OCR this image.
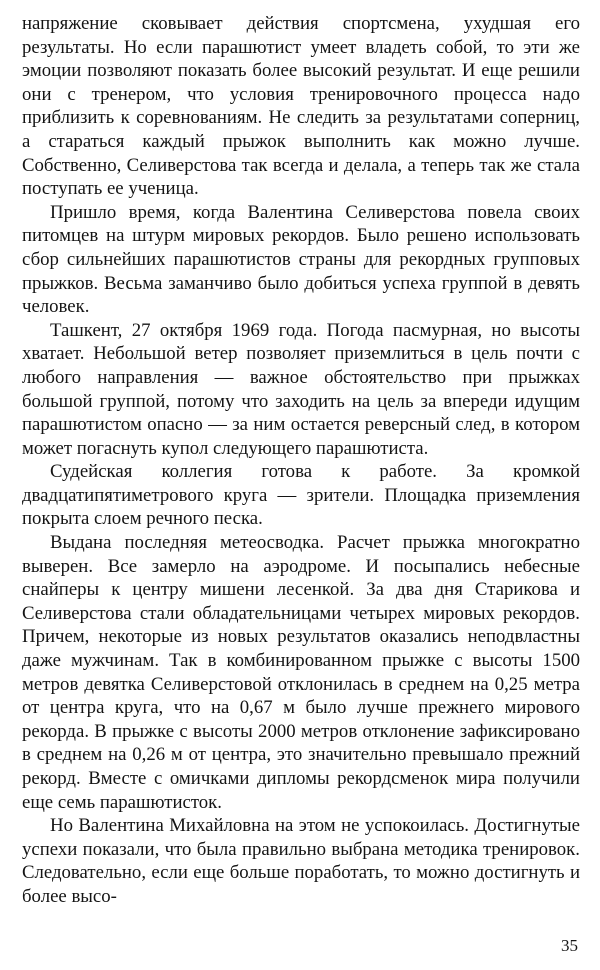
напряжение сковывает действия спортсмена, ухудшая его результаты. Но если парашютист умеет владеть собой, то эти же эмоции позволяют показать более высокий результат. И еще решили они с тренером, что условия тренировочного процесса надо приблизить к соревнованиям. Не следить за результатами соперниц, а стараться каждый прыжок выполнить как можно лучше. Собственно, Селиверстова так всегда и делала, а теперь так же стала поступать ее ученица.

Пришло время, когда Валентина Селиверстова повела своих питомцев на штурм мировых рекордов. Было решено использовать сбор сильнейших парашютистов страны для рекордных групповых прыжков. Весьма заманчиво было добиться успеха группой в девять человек.

Ташкент, 27 октября 1969 года. Погода пасмурная, но высоты хватает. Небольшой ветер позволяет приземлиться в цель почти с любого направления — важное обстоятельство при прыжках большой группой, потому что заходить на цель за впереди идущим парашютистом опасно — за ним остается реверсный след, в котором может погаснуть купол следующего парашютиста.

Судейская коллегия готова к работе. За кромкой двадцатипятиметрового круга — зрители. Площадка приземления покрыта слоем речного песка.

Выдана последняя метеосводка. Расчет прыжка многократно выверен. Все замерло на аэродроме. И посыпались небесные снайперы к центру мишени лесенкой. За два дня Старикова и Селиверстова стали обладательницами четырех мировых рекордов. Причем, некоторые из новых результатов оказались неподвластны даже мужчинам. Так в комбинированном прыжке с высоты 1500 метров девятка Селиверстовой отклонилась в среднем на 0,25 метра от центра круга, что на 0,67 м было лучше прежнего мирового рекорда. В прыжке с высоты 2000 метров отклонение зафиксировано в среднем на 0,26 м от центра, это значительно превышало прежний рекорд. Вместе с омичками дипломы рекордсменок мира получили еще семь парашютисток.

Но Валентина Михайловна на этом не успокоилась. Достигнутые успехи показали, что была правильно выбрана методика тренировок. Следовательно, если еще больше поработать, то можно достигнуть и более высо-

35
